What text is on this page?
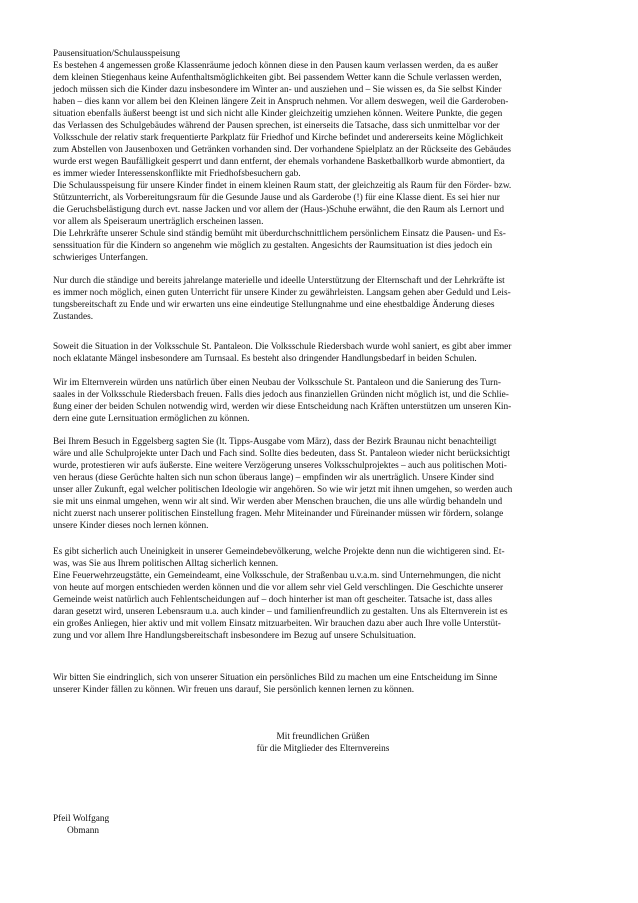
Pausensituation/Schulausspeisung
Es bestehen 4 angemessen große Klassenräume jedoch können diese in den Pausen kaum verlassen werden, da es außer
dem kleinen Stiegenhaus keine Aufenthaltsmöglichkeiten gibt. Bei passendem Wetter kann die Schule verlassen werden,
jedoch müssen sich die Kinder dazu insbesondere im Winter an- und ausziehen und – Sie wissen es, da Sie selbst Kinder
haben – dies kann vor allem bei den Kleinen längere Zeit in Anspruch nehmen. Vor allem deswegen, weil die Garderoben-
situation ebenfalls äußerst beengt ist und sich nicht alle Kinder gleichzeitig umziehen können. Weitere Punkte, die gegen
das Verlassen des Schulgebäudes während der Pausen sprechen, ist einerseits die Tatsache, dass sich unmittelbar vor der
Volksschule der relativ stark frequentierte Parkplatz für Friedhof und Kirche befindet und andererseits keine Möglichkeit
zum Abstellen von Jausenboxen und Getränken vorhanden sind. Der vorhandene Spielplatz an der Rückseite des Gebäudes
wurde erst wegen Baufälligkeit gesperrt und dann entfernt, der ehemals vorhandene Basketballkorb wurde abmontiert, da
es immer wieder Interessenskonflikte mit Friedhofsbesuchern gab.
Die Schulausspeisung für unsere Kinder findet in einem kleinen Raum statt, der gleichzeitig als Raum für den Förder- bzw.
Stützunterricht, als Vorbereitungsraum für die Gesunde Jause und als Garderobe (!) für eine Klasse dient. Es sei hier nur
die Geruchsbelästigung durch evt. nasse Jacken und vor allem der (Haus-)Schuhe erwähnt, die den Raum als Lernort und
vor allem als Speiseraum unerträglich erscheinen lassen.
Die Lehrkräfte unserer Schule sind ständig bemüht mit überdurchschnittlichem persönlichem Einsatz die Pausen- und Es-
senssituation für die Kindern so angenehm wie möglich zu gestalten. Angesichts der Raumsituation ist dies jedoch ein
schwieriges Unterfangen.

Nur durch die ständige und bereits jahrelange materielle und ideelle Unterstützung der Elternschaft und der Lehrkräfte ist
es immer noch möglich, einen guten Unterricht für unsere Kinder zu gewährleisten. Langsam gehen aber Geduld und Leis-
tungsbereitschaft zu Ende und wir erwarten uns eine eindeutige Stellungnahme und eine ehestbaldige Änderung dieses
Zustandes.

Soweit die Situation in der Volksschule St. Pantaleon. Die Volksschule Riedersbach wurde wohl saniert, es gibt aber immer
noch eklatante Mängel insbesondere am Turnsaal. Es besteht also dringender Handlungsbedarf in beiden Schulen.

Wir im Elternverein würden uns natürlich über einen Neubau der Volksschule St. Pantaleon und die Sanierung des Turn-
saales in der Volksschule Riedersbach freuen. Falls dies jedoch aus finanziellen Gründen nicht möglich ist, und die Schlie-
ßung einer der beiden Schulen notwendig wird, werden wir diese Entscheidung nach Kräften unterstützen um unseren Kin-
dern eine gute Lernsituation ermöglichen zu können.

Bei Ihrem Besuch in Eggelsberg sagten Sie (lt. Tipps-Ausgabe vom März), dass der Bezirk Braunau nicht benachteiligt
wäre und alle Schulprojekte unter Dach und Fach sind. Sollte dies bedeuten, dass St. Pantaleon wieder nicht berücksichtigt
wurde, protestieren wir aufs äußerste. Eine weitere Verzögerung unseres Volksschulprojektes – auch aus politischen Moti-
ven heraus (diese Gerüchte halten sich nun schon überaus lange) – empfinden wir als unerträglich. Unsere Kinder sind
unser aller Zukunft, egal welcher politischen Ideologie wir angehören. So wie wir jetzt mit ihnen umgehen, so werden auch
sie mit uns einmal umgehen, wenn wir alt sind. Wir werden aber Menschen brauchen, die uns alle würdig behandeln und
nicht zuerst nach unserer politischen Einstellung fragen. Mehr Miteinander und Füreinander müssen wir fördern, solange
unsere Kinder dieses noch lernen können.

Es gibt sicherlich auch Uneinigkeit in unserer Gemeindebevölkerung, welche Projekte denn nun die wichtigeren sind. Et-
was, was Sie aus Ihrem politischen Alltag sicherlich kennen.
Eine Feuerwehrzeugstätte, ein Gemeindeamt, eine Volksschule, der Straßenbau u.v.a.m. sind Unternehmungen, die nicht
von heute auf morgen entschieden werden können und die vor allem sehr viel Geld verschlingen. Die Geschichte unserer
Gemeinde weist natürlich auch Fehlentscheidungen auf – doch hinterher ist man oft gescheiter. Tatsache ist, dass alles
daran gesetzt wird, unseren Lebensraum u.a. auch kinder – und familienfreundlich zu gestalten. Uns als Elternverein ist es
ein großes Anliegen, hier aktiv und mit vollem Einsatz mitzuarbeiten. Wir brauchen dazu aber auch Ihre volle Unterstüt-
zung und vor allem Ihre Handlungsbereitschaft insbesondere im Bezug auf unsere Schulsituation.

Wir bitten Sie eindringlich, sich von unserer Situation ein persönliches Bild zu machen um eine Entscheidung im Sinne
unserer Kinder fällen zu können. Wir freuen uns darauf, Sie persönlich kennen lernen zu können.

Mit freundlichen Grüßen
für die Mitglieder des Elternvereins

Pfeil Wolfgang
Obmann
